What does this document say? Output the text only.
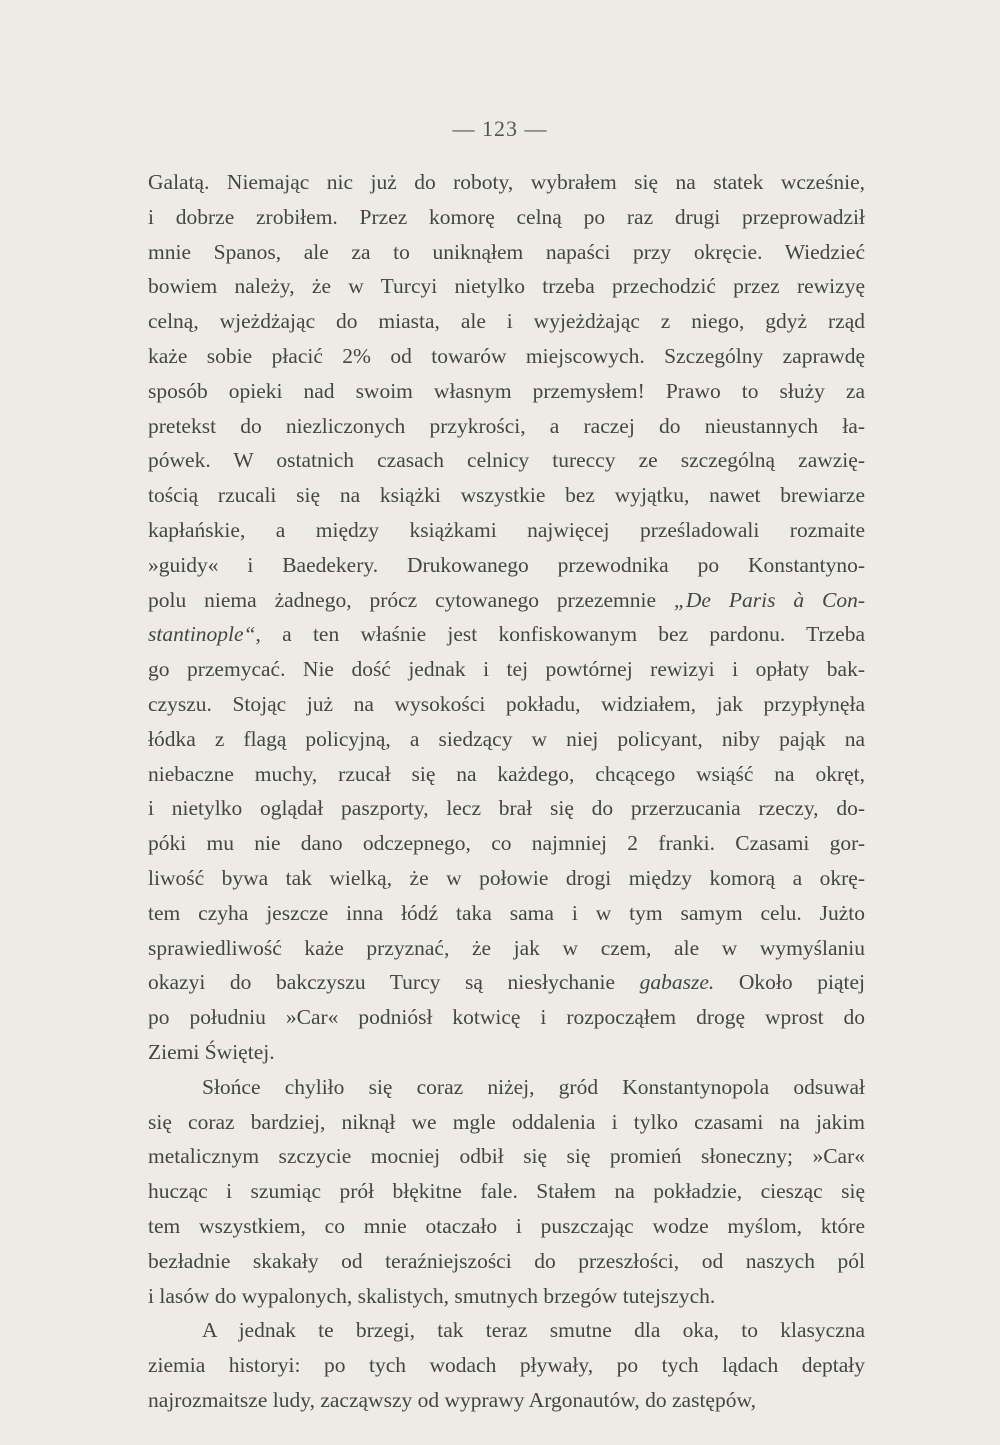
— 123 —
Galatą. Niemając nic już do roboty, wybrałem się na statek wcześnie,
i dobrze zrobiłem. Przez komorę celną po raz drugi przeprowadził
mnie Spanos, ale za to uniknąłem napaści przy okręcie. Wiedzieć
bowiem należy, że w Turcyi nietylko trzeba przechodzić przez rewizyę
celną, wjeżdżając do miasta, ale i wyjeżdżając z niego, gdyż rząd
każe sobie płacić 2% od towarów miejscowych. Szczególny zaprawdę
sposób opieki nad swoim własnym przemysłem! Prawo to służy za
pretekst do niezliczonych przykrości, a raczej do nieustannych ła-
pówek. W ostatnich czasach celnicy tureccy ze szczególną zawzię-
tością rzucali się na książki wszystkie bez wyjątku, nawet brewiarze
kapłańskie, a między książkami najwięcej prześladowali rozmaite
»guidy« i Baedekery. Drukowanego przewodnika po Konstantyno-
polu niema żadnego, prócz cytowanego przezemnie „De Paris à Con-
stantinople“, a ten właśnie jest konfiskowanym bez pardonu. Trzeba
go przemycać. Nie dość jednak i tej powtórnej rewizyi i opłaty bak-
czyszu. Stojąc już na wysokości pokładu, widziałem, jak przypłynęła
łódka z flagą policyjną, a siedzący w niej policyant, niby pająk na
niebaczne muchy, rzucał się na każdego, chcącego wsiąść na okręt,
i nietylko oglądał paszporty, lecz brał się do przerzucania rzeczy, do-
póki mu nie dano odczepnego, co najmniej 2 franki. Czasami gor-
liwość bywa tak wielką, że w połowie drogi między komorą a okrę-
tem czyha jeszcze inna łódź taka sama i w tym samym celu. Jużto
sprawiedliwość każe przyznać, że jak w czem, ale w wymyślaniu
okazyi do bakczyszu Turcy są niesłychanie gabasze. Około piątej
po południu »Car« podniósł kotwicę i rozpocząłem drogę wprost do
Ziemi Świętej.
Słońce chyliło się coraz niżej, gród Konstantynopola odsuwał
się coraz bardziej, niknął we mgle oddalenia i tylko czasami na jakim
metalicznym szczycie mocniej odbił się się promień słoneczny; »Car«
hucząc i szumiąc prół błękitne fale. Stałem na pokładzie, ciesząc się
tem wszystkiem, co mnie otaczało i puszczając wodze myślom, które
bezładnie skakały od teraźniejszości do przeszłości, od naszych pól
i lasów do wypalonych, skalistych, smutnych brzegów tutejszych.
A jednak te brzegi, tak teraz smutne dla oka, to klasyczna
ziemia historyi: po tych wodach pływały, po tych lądach deptały
najrozmaitsze ludy, zacząwszy od wyprawy Argonautów, do zastępów,
